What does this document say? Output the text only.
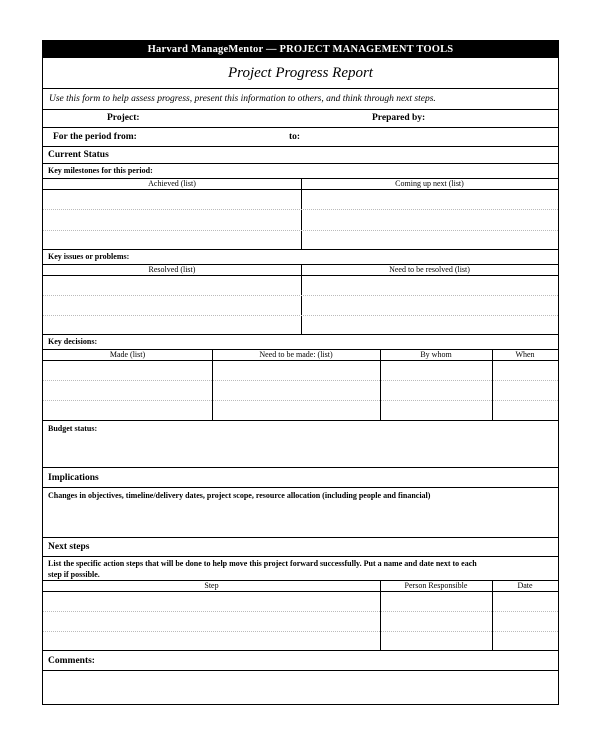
Harvard ManageMentor — PROJECT MANAGEMENT TOOLS
Project Progress Report
Use this form to help assess progress, present this information to others, and think through next steps.
Project:	Prepared by:
For the period from:	to:
Current Status
Key milestones for this period:
Achieved (list)	Coming up next (list)
Key issues or problems:
Resolved (list)	Need to be resolved (list)
Key decisions:
Made (list)	Need to be made: (list)	By whom	When
Budget status:
Implications
Changes in objectives, timeline/delivery dates, project scope, resource allocation (including people and financial)
Next steps
List the specific action steps that will be done to help move this project forward successfully. Put a name and date next to each
step if possible.
Step	Person Responsible	Date
Comments:
